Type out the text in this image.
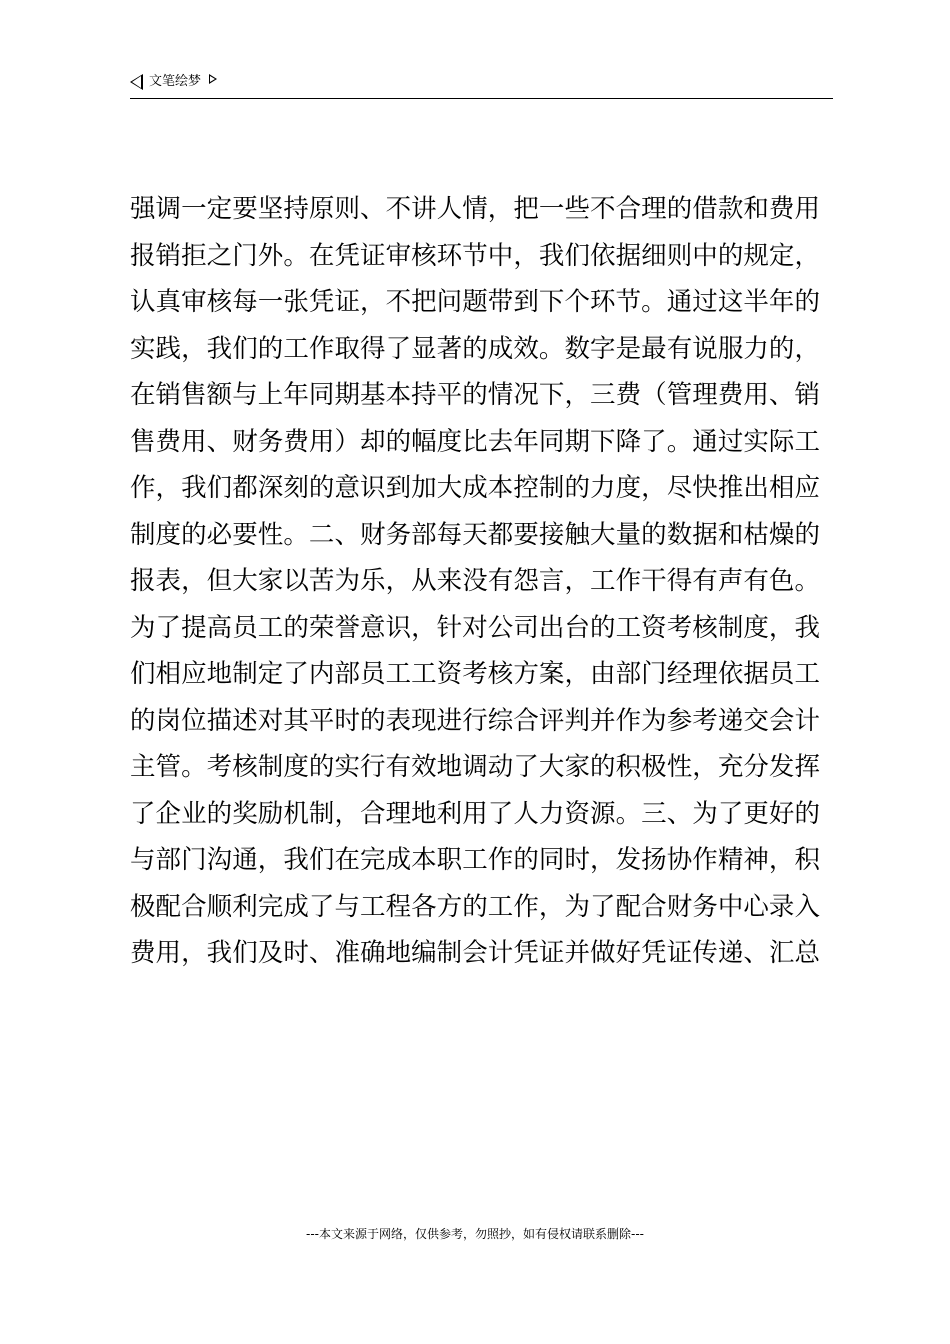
文笔绘梦
强调一定要坚持原则、不讲人情，把一些不合理的借款和费用
报销拒之门外。在凭证审核环节中，我们依据细则中的规定，
认真审核每一张凭证，不把问题带到下个环节。通过这半年的
实践，我们的工作取得了显著的成效。数字是最有说服力的，
在销售额与上年同期基本持平的情况下，三费（管理费用、销
售费用、财务费用）却的幅度比去年同期下降了。通过实际工
作，我们都深刻的意识到加大成本控制的力度，尽快推出相应
制度的必要性。二、财务部每天都要接触大量的数据和枯燥的
报表，但大家以苦为乐，从来没有怨言，工作干得有声有色。
为了提高员工的荣誉意识，针对公司出台的工资考核制度，我
们相应地制定了内部员工工资考核方案，由部门经理依据员工
的岗位描述对其平时的表现进行综合评判并作为参考递交会计
主管。考核制度的实行有效地调动了大家的积极性，充分发挥
了企业的奖励机制，合理地利用了人力资源。三、为了更好的
与部门沟通，我们在完成本职工作的同时，发扬协作精神，积
极配合顺利完成了与工程各方的工作，为了配合财务中心录入
费用，我们及时、准确地编制会计凭证并做好凭证传递、汇总
---本文来源于网络，仅供参考，勿照抄，如有侵权请联系删除---
